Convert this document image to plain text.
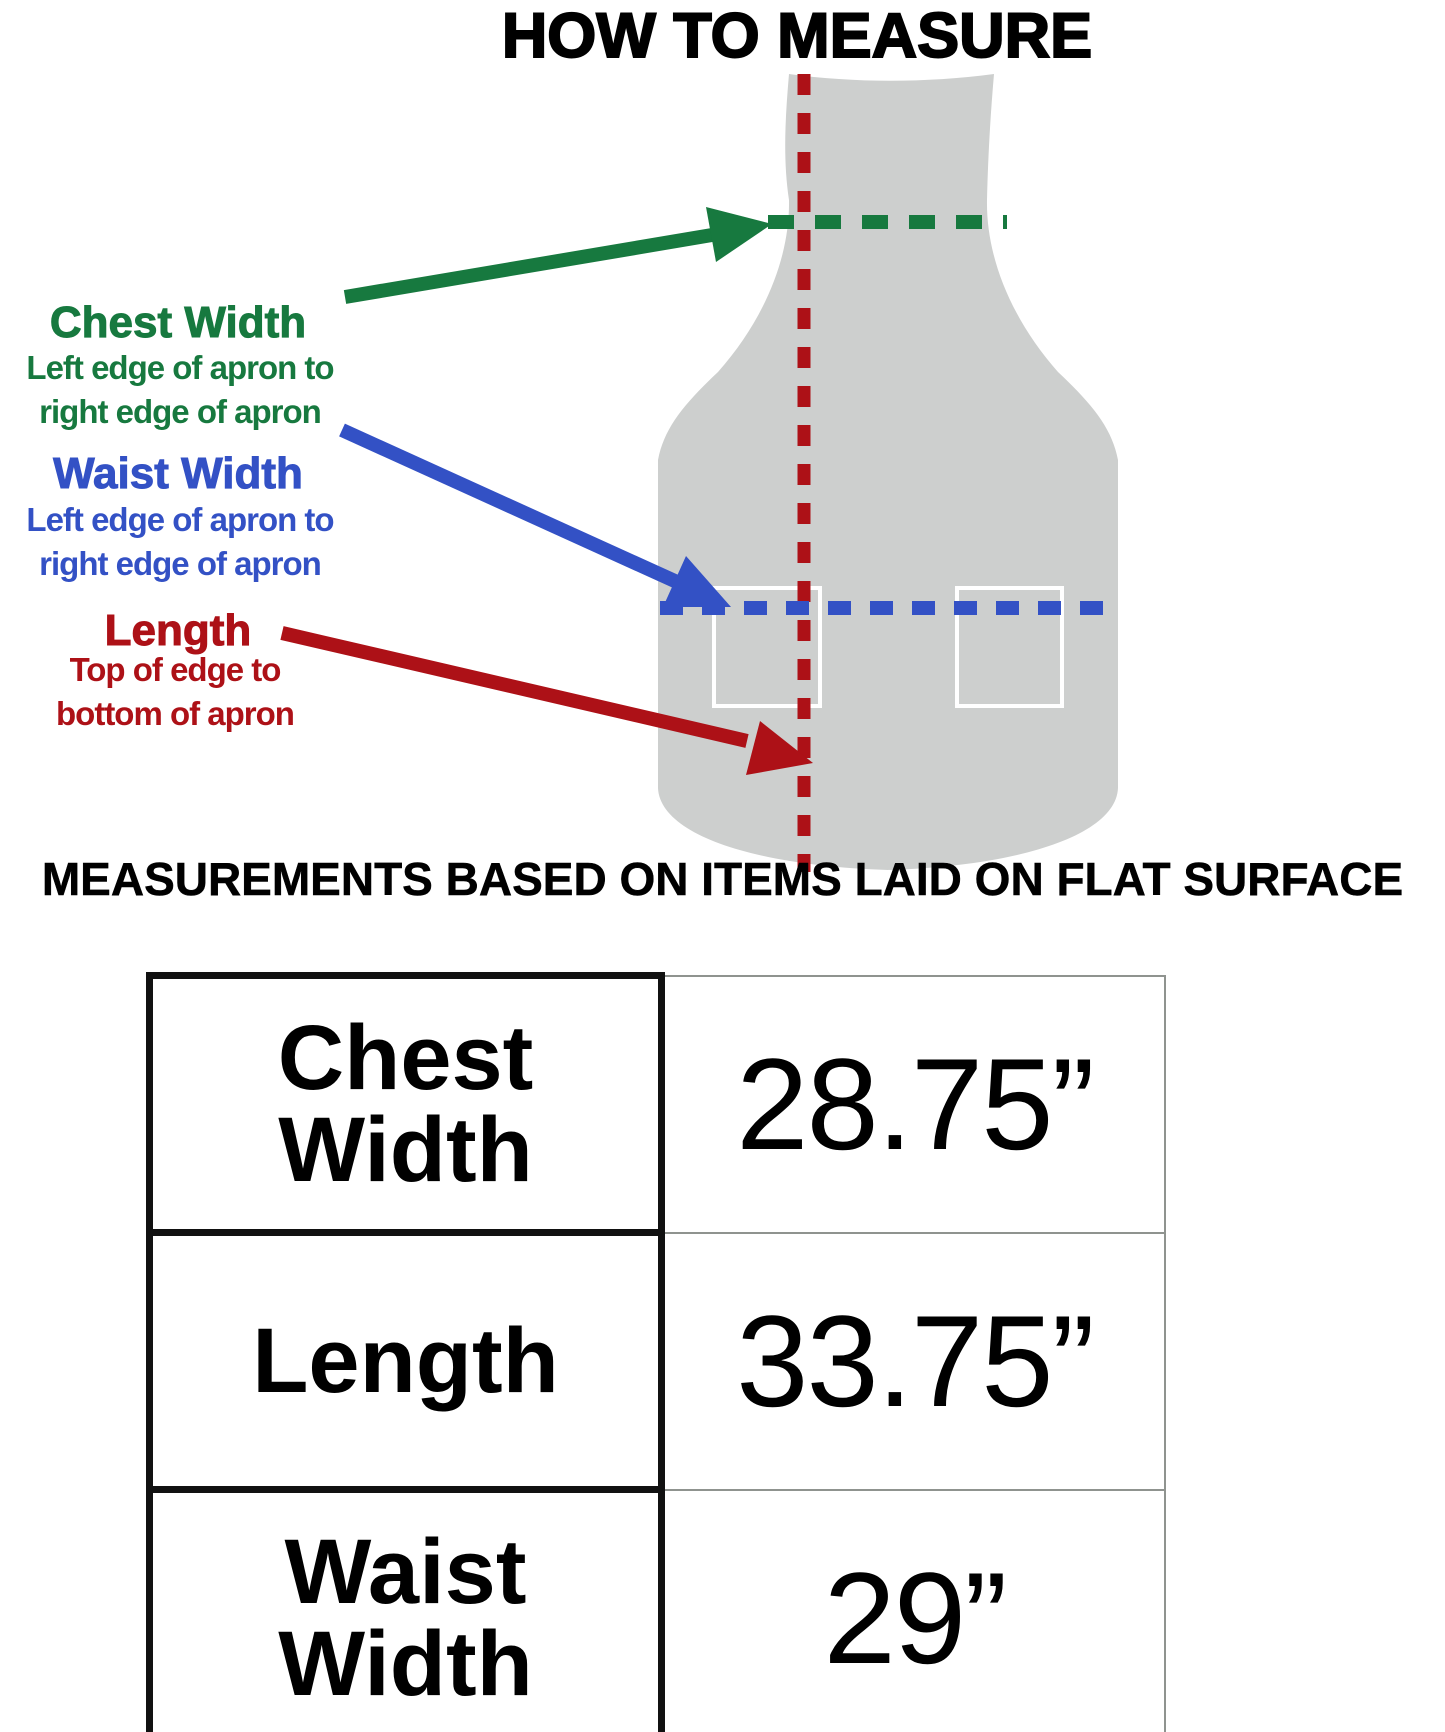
HOW TO MEASURE
Chest Width
Left edge of apron to
right edge of apron
Waist Width
Left edge of apron to
right edge of apron
Length
Top of edge to
bottom of apron
MEASUREMENTS BASED ON ITEMS LAID ON FLAT SURFACE
Chest Width	28.75”
Length	33.75”
Waist Width	29”
